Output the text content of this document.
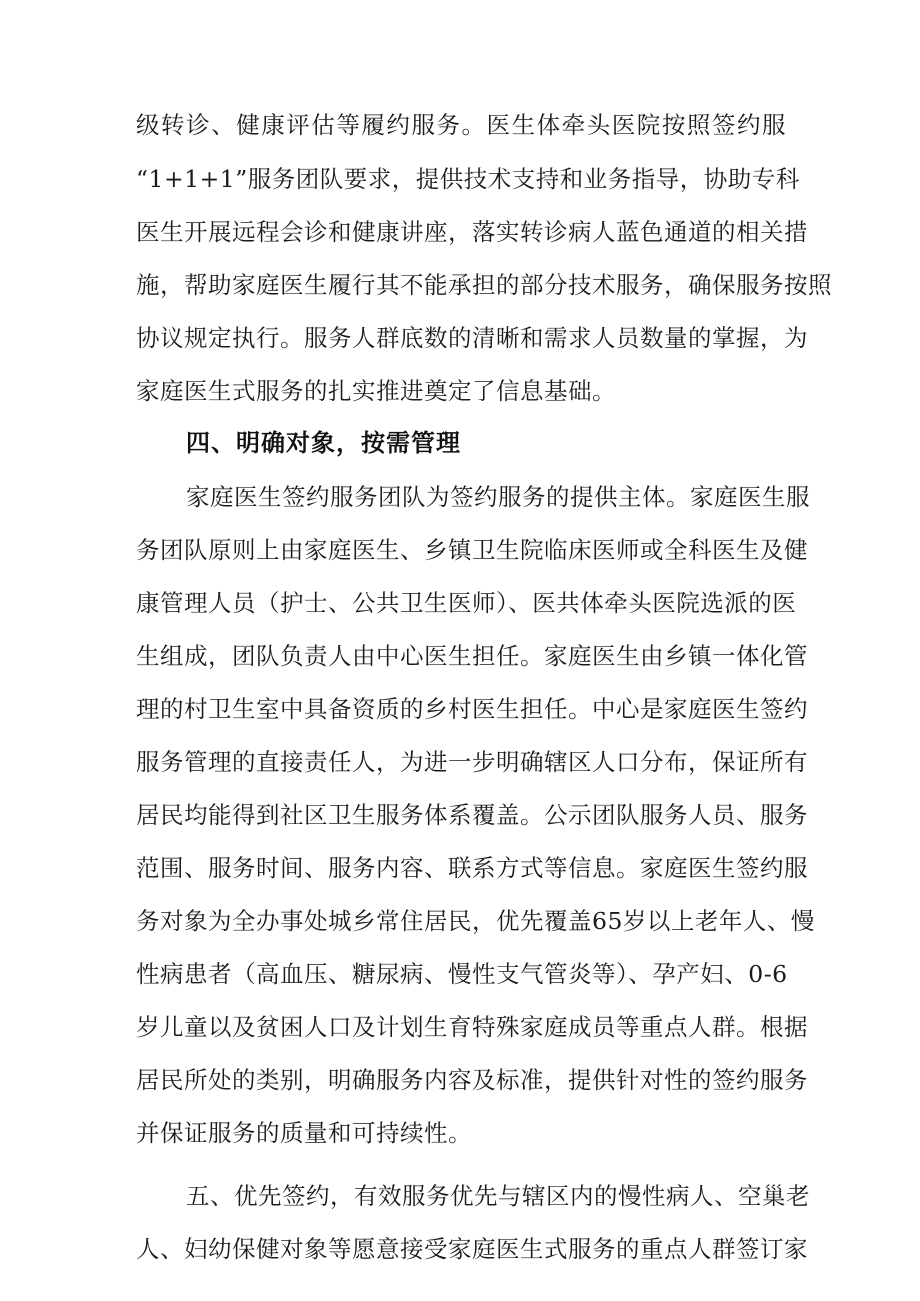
级转诊、健康评估等履约服务。医生体牵头医院按照签约服
“1+1+1”服务团队要求，提供技术支持和业务指导，协助专科
医生开展远程会诊和健康讲座，落实转诊病人蓝色通道的相关措
施，帮助家庭医生履行其不能承担的部分技术服务，确保服务按照
协议规定执行。服务人群底数的清晰和需求人员数量的掌握，为
家庭医生式服务的扎实推进奠定了信息基础。
四、明确对象，按需管理
家庭医生签约服务团队为签约服务的提供主体。家庭医生服
务团队原则上由家庭医生、乡镇卫生院临床医师或全科医生及健
康管理人员（护士、公共卫生医师）、医共体牵头医院选派的医
生组成，团队负责人由中心医生担任。家庭医生由乡镇一体化管
理的村卫生室中具备资质的乡村医生担任。中心是家庭医生签约
服务管理的直接责任人，为进一步明确辖区人口分布，保证所有
居民均能得到社区卫生服务体系覆盖。公示团队服务人员、服务
范围、服务时间、服务内容、联系方式等信息。家庭医生签约服
务对象为全办事处城乡常住居民，优先覆盖65岁以上老年人、慢
性病患者（高血压、糖尿病、慢性支气管炎等）、孕产妇、0-6
岁儿童以及贫困人口及计划生育特殊家庭成员等重点人群。根据
居民所处的类别，明确服务内容及标准，提供针对性的签约服务
并保证服务的质量和可持续性。
五、优先签约，有效服务优先与辖区内的慢性病人、空巢老
人、妇幼保健对象等愿意接受家庭医生式服务的重点人群签订家
